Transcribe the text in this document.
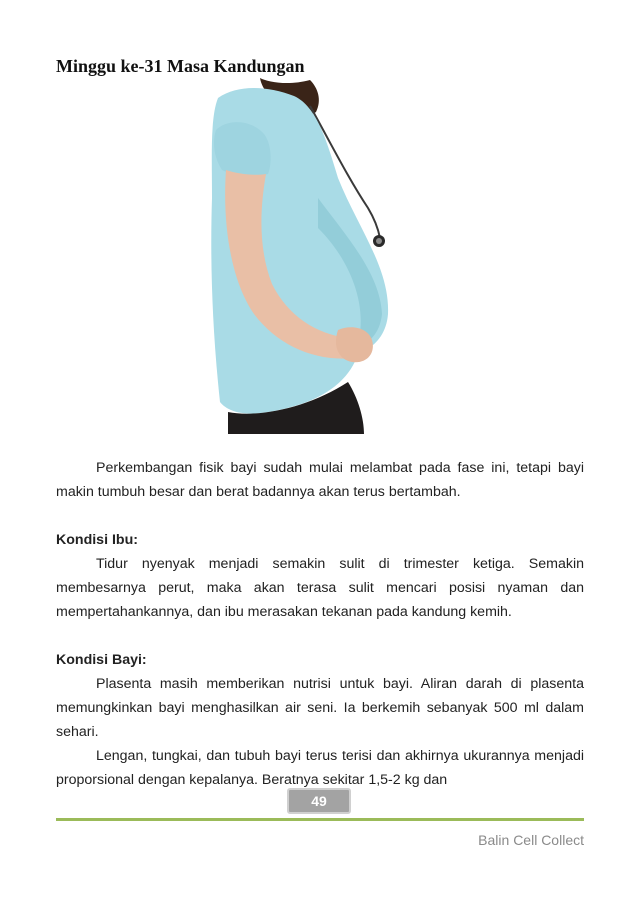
Minggu ke-31 Masa Kandungan

Perkembangan fisik bayi sudah mulai melambat pada fase ini, tetapi bayi makin tumbuh besar dan berat badannya akan terus bertambah.

Kondisi Ibu:

Tidur nyenyak menjadi semakin sulit di trimester ketiga. Semakin membesarnya perut, maka akan terasa sulit mencari posisi nyaman dan mempertahankannya, dan ibu merasakan tekanan pada kandung kemih.

Kondisi Bayi:

Plasenta masih memberikan nutrisi untuk bayi. Aliran darah di plasenta memungkinkan bayi menghasilkan air seni. Ia berkemih sebanyak 500 ml dalam sehari.

Lengan, tungkai, dan tubuh bayi terus terisi dan akhirnya ukurannya menjadi proporsional dengan kepalanya. Beratnya sekitar 1,5-2 kg dan

49
Balin Cell Collect
